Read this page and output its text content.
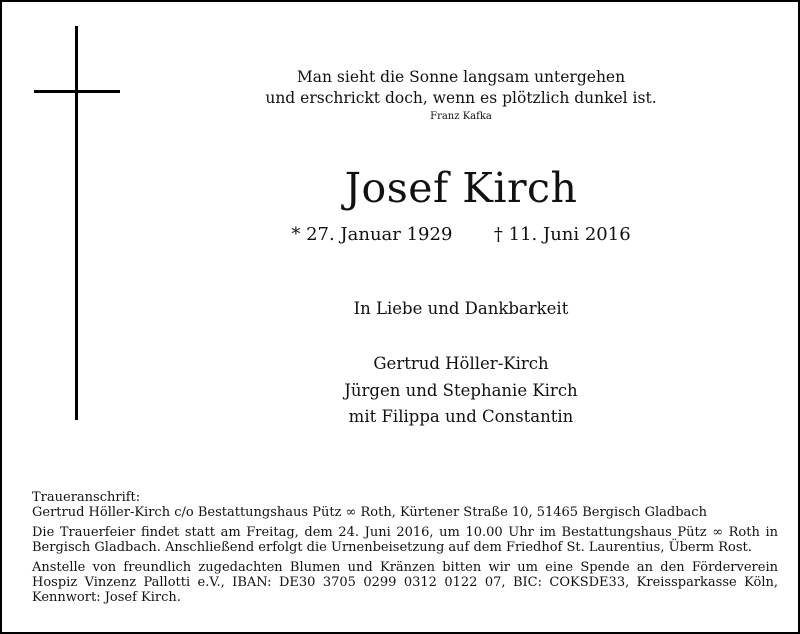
Man sieht die Sonne langsam untergehen
und erschrickt doch, wenn es plötzlich dunkel ist.
Franz Kafka
Josef Kirch
* 27. Januar 1929 † 11. Juni 2016
In Liebe und Dankbarkeit
Gertrud Höller-Kirch
Jürgen und Stephanie Kirch
mit Filippa und Constantin

Traueranschrift:
Gertrud Höller-Kirch c/o Bestattungshaus Pütz ∞ Roth, Kürtener Straße 10, 51465 Bergisch Gladbach

Die Trauerfeier findet statt am Freitag, dem 24. Juni 2016, um 10.00 Uhr im Bestattungshaus Pütz ∞ Roth in Bergisch Gladbach. Anschließend erfolgt die Urnenbeisetzung auf dem Friedhof St. Laurentius, Überm Rost.

Anstelle von freundlich zugedachten Blumen und Kränzen bitten wir um eine Spende an den Förderverein Hospiz Vinzenz Pallotti e.V., IBAN: DE30 3705 0299 0312 0122 07, BIC: COKSDE33, Kreissparkasse Köln, Kennwort: Josef Kirch.
